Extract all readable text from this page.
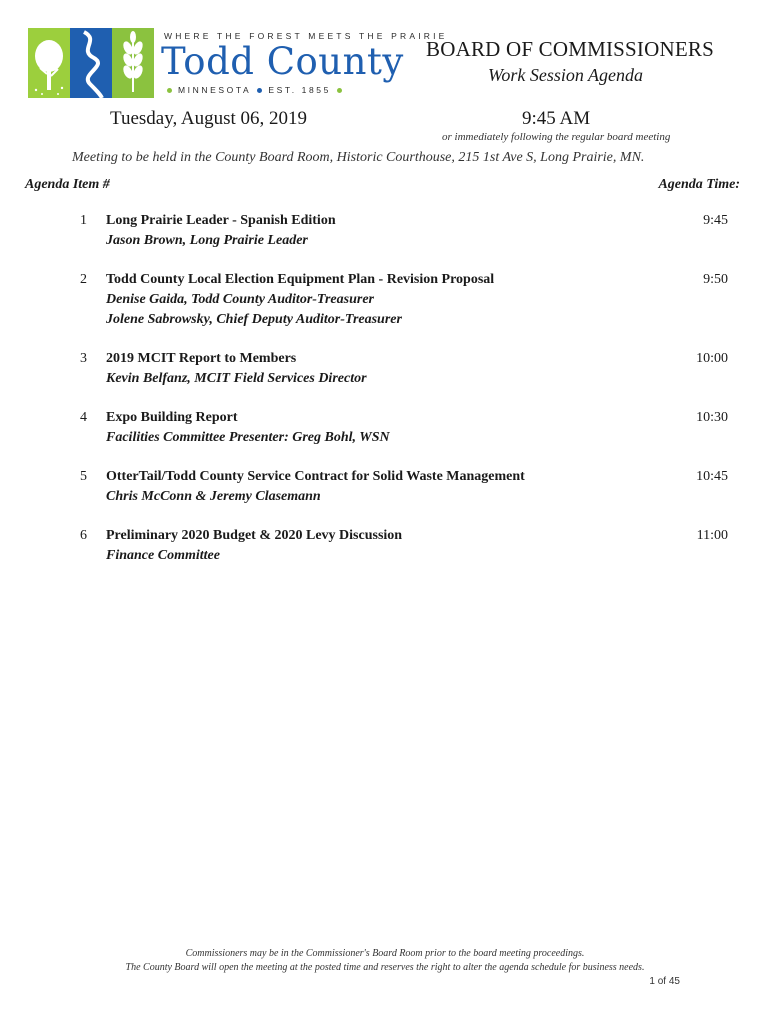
WHERE THE FOREST MEETS THE PRAIRIE
Todd County
MINNESOTA EST. 1855
BOARD OF COMMISSIONERS
Work Session Agenda
Tuesday, August 06, 2019	9:45 AM
or immediately following the regular board meeting
Meeting to be held in the County Board Room, Historic Courthouse, 215 1st Ave S, Long Prairie, MN.
Agenda Item #	Agenda Time:
1 Long Prairie Leader - Spanish Edition
Jason Brown, Long Prairie Leader
9:45
2 Todd County Local Election Equipment Plan - Revision Proposal
Denise Gaida, Todd County Auditor-Treasurer
Jolene Sabrowsky, Chief Deputy Auditor-Treasurer
9:50
3 2019 MCIT Report to Members
Kevin Belfanz, MCIT Field Services Director
10:00
4 Expo Building Report
Facilities Committee Presenter: Greg Bohl, WSN
10:30
5 OtterTail/Todd County Service Contract for Solid Waste Management
Chris McConn & Jeremy Clasemann
10:45
6 Preliminary 2020 Budget & 2020 Levy Discussion
Finance Committee
11:00
Commissioners may be in the Commissioner's Board Room prior to the board meeting proceedings.
The County Board will open the meeting at the posted time and reserves the right to alter the agenda schedule for business needs.
1 of 45
